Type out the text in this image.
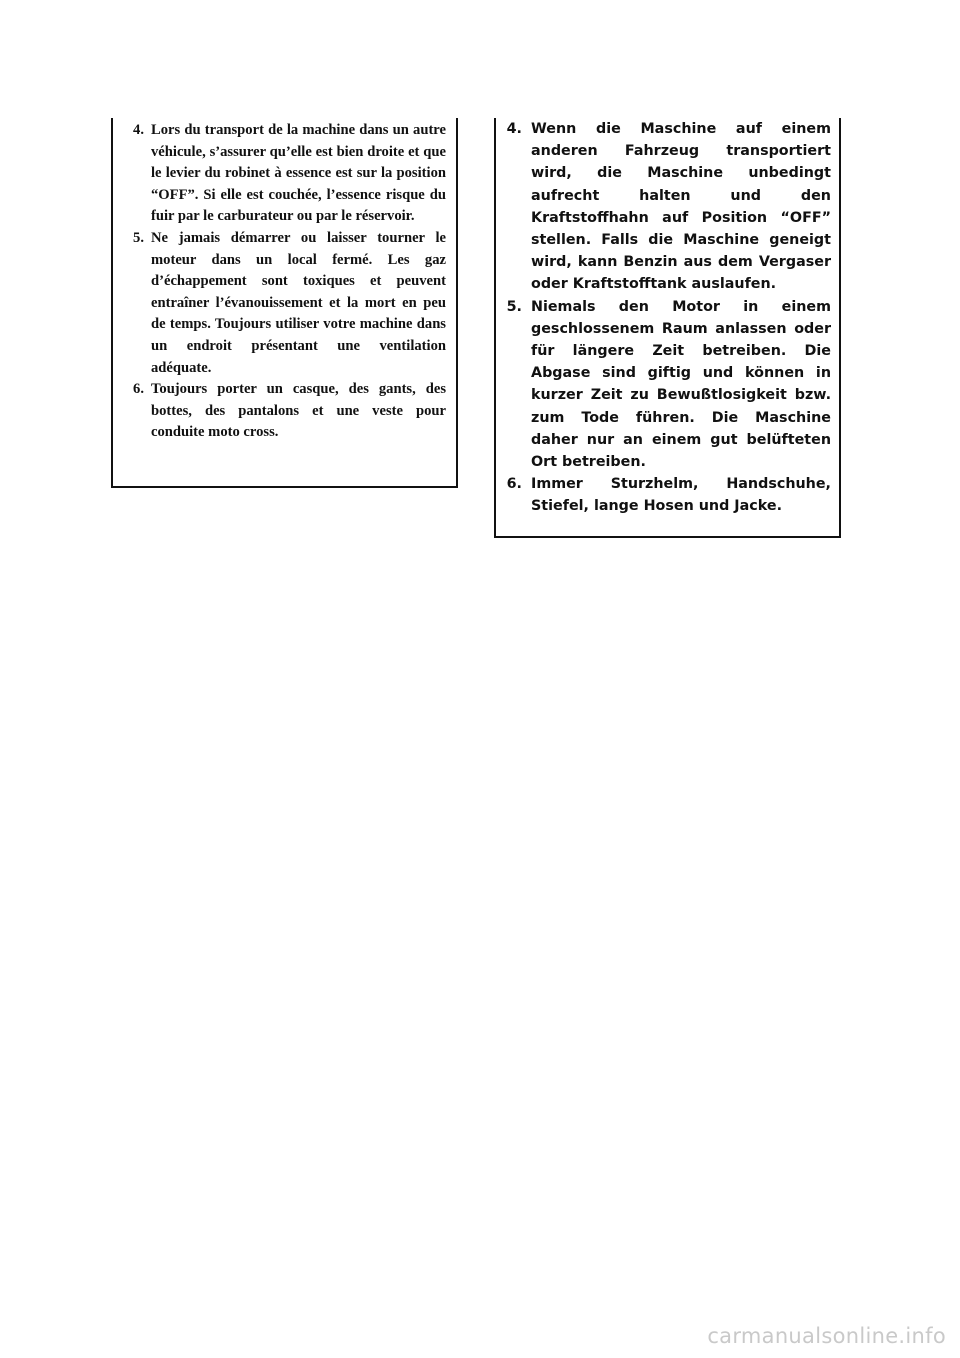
4. Lors du transport de la machine dans un autre véhicule, s’assurer qu’elle est bien droite et que le levier du robinet à essence est sur la position “OFF”. Si elle est couchée, l’essence risque du fuir par le carburateur ou par le réservoir.
5. Ne jamais démarrer ou laisser tourner le moteur dans un local fermé. Les gaz d’échappement sont toxiques et peuvent entraîner l’évanouissement et la mort en peu de temps. Toujours utiliser votre machine dans un endroit présentant une ventilation adéquate.
6. Toujours porter un casque, des gants, des bottes, des pantalons et une veste pour conduite moto cross.
4. Wenn die Maschine auf einem anderen Fahrzeug transportiert wird, die Maschine unbedingt aufrecht halten und den Kraftstoffhahn auf Position “OFF” stellen. Falls die Maschine geneigt wird, kann Benzin aus dem Vergaser oder Kraftstofftank auslaufen.
5. Niemals den Motor in einem geschlossenem Raum anlassen oder für längere Zeit betreiben. Die Abgase sind giftig und können in kurzer Zeit zu Bewußtlosigkeit bzw. zum Tode führen. Die Maschine daher nur an einem gut belüfteten Ort betreiben.
6. Immer Sturzhelm, Handschuhe, Stiefel, lange Hosen und Jacke.
carmanualsonline.info
